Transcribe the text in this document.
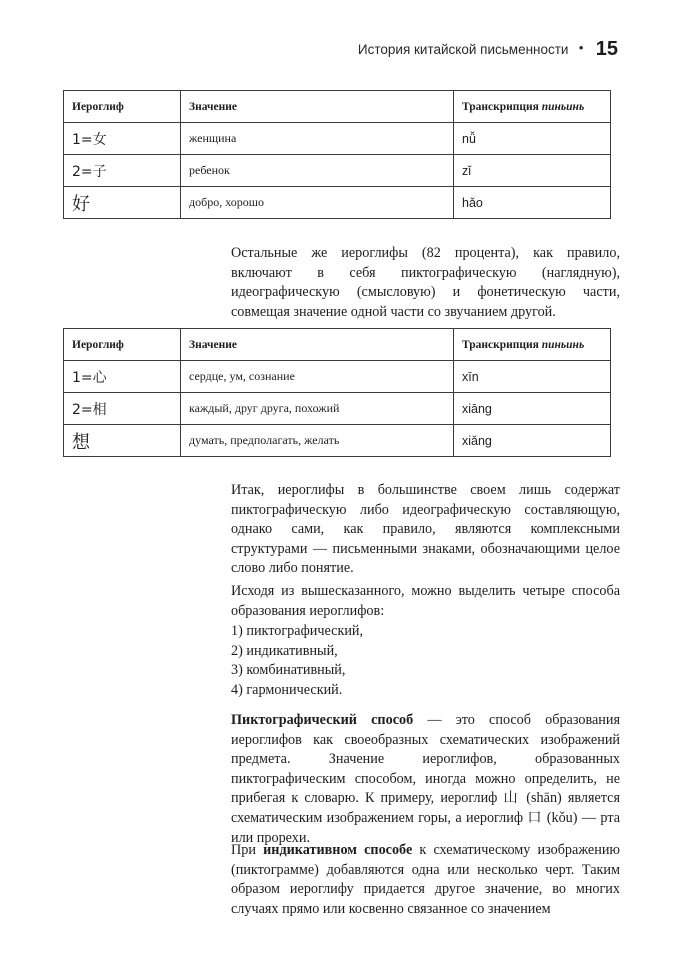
История китайской письменности • 15
Иероглиф	Значение	Транскрипция пиньинь
1=女	женщина	nǚ
2=子	ребенок	zǐ
好	добро, хорошо	hǎo
Остальные же иероглифы (82 процента), как правило, включают в себя пиктографическую (наглядную), идеографическую (смысловую) и фонетическую части, совмещая значение одной части со звучанием другой.
Иероглиф	Значение	Транскрипция пиньинь
1=心	сердце, ум, сознание	xīn
2=相	каждый, друг друга, похожий	xiāng
想	думать, предполагать, желать	xiǎng
Итак, иероглифы в большинстве своем лишь содержат пиктографическую либо идеографическую составляющую, однако сами, как правило, являются комплексными структурами — письменными знаками, обозначающими целое слово либо понятие.
Исходя из вышесказанного, можно выделить четыре способа образования иероглифов:
1) пиктографический,
2) индикативный,
3) комбинативный,
4) гармонический.
Пиктографический способ — это способ образования иероглифов как своеобразных схематических изображений предмета. Значение иероглифов, образованных пиктографическим способом, иногда можно определить, не прибегая к словарю. К примеру, иероглиф 山 (shān) является схематическим изображением горы, а иероглиф 口 (kǒu) — рта или прорехи.
При индикативном способе к схематическому изображению (пиктограмме) добавляются одна или несколько черт. Таким образом иероглифу придается другое значение, во многих случаях прямо или косвенно связанное со значением
